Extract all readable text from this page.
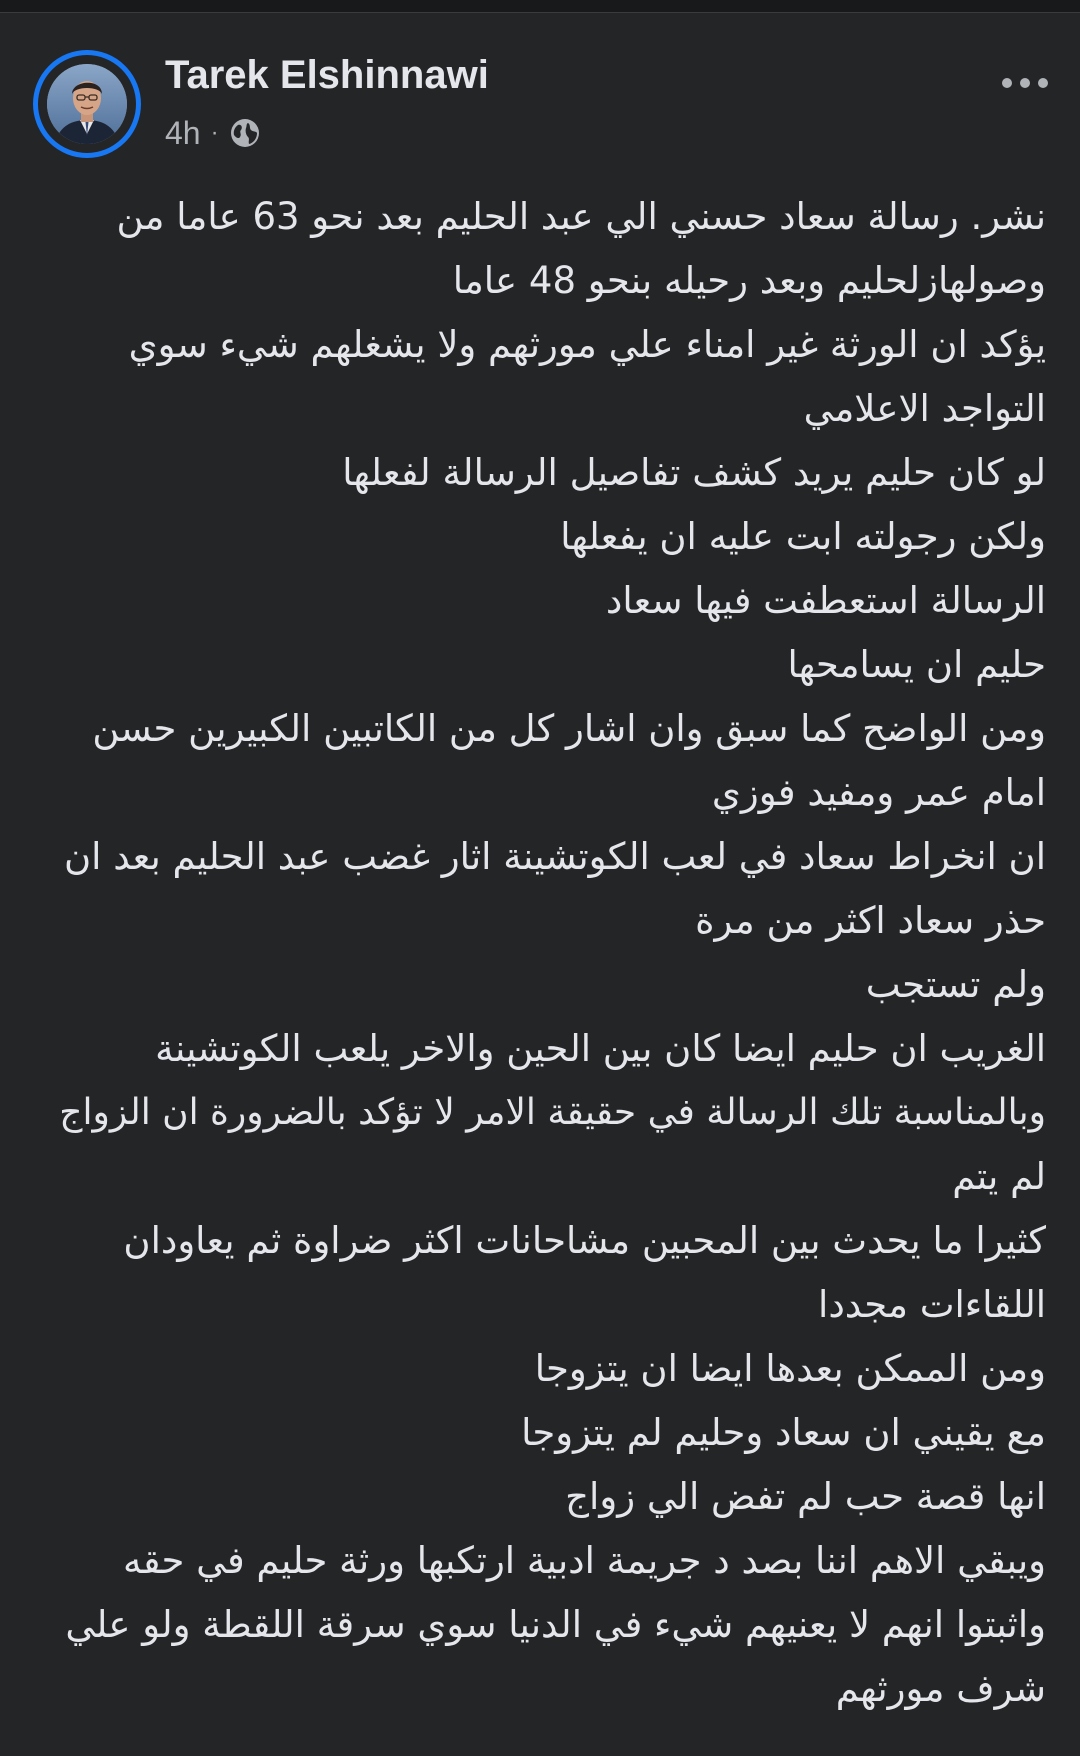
Tarek Elshinnawi
4h ·
نشر. رسالة سعاد حسني الي عبد الحليم بعد نحو 63 عاما من
وصولهازلحليم وبعد رحيله بنحو 48 عاما
يؤكد ان الورثة غير امناء علي مورثهم ولا يشغلهم شيء سوي
التواجد الاعلامي
لو كان حليم يريد كشف تفاصيل الرسالة لفعلها
ولكن رجولته ابت عليه ان يفعلها
الرسالة استعطفت فيها سعاد
حليم ان يسامحها
ومن الواضح كما سبق وان اشار كل من الكاتبين الكبيرين حسن
امام عمر ومفيد فوزي
ان انخراط سعاد في لعب الكوتشينة اثار غضب عبد الحليم بعد ان
حذر سعاد اكثر من مرة
ولم تستجب
الغريب ان حليم ايضا كان بين الحين والاخر يلعب الكوتشينة
وبالمناسبة تلك الرسالة في حقيقة الامر لا تؤكد بالضرورة ان الزواج
لم يتم
كثيرا ما يحدث بين المحبين مشاحانات اكثر ضراوة ثم يعاودان
اللقاءات مجددا
ومن الممكن بعدها ايضا ان يتزوجا
مع يقيني ان سعاد وحليم لم يتزوجا
انها قصة حب لم تفض الي زواج
ويبقي الاهم اننا بصد د جريمة ادبية ارتكبها ورثة حليم في حقه
واثبتوا انهم لا يعنيهم شيء في الدنيا سوي سرقة اللقطة ولو علي
شرف مورثهم
